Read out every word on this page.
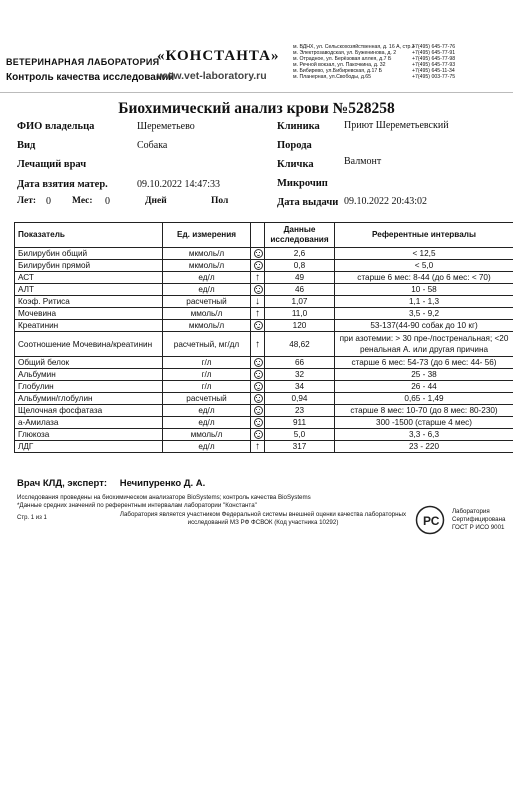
ВЕТЕРИНАРНАЯ ЛАБОРАТОРИЯ
«КОНСТАНТА»
Контроль качества исследований
www.vet-laboratory.ru
м. ВДНХ, ул. Сельскохозяйственная, д. 16 А, стр.3
м. Электрозаводская, ул. Бужениновa, д. 2
м. Отрадное, ул. Берёзовая аллея, д.7 Б
м. Речной вокзал, ул. Пакочкина, д. 32
м. Бибирево, ул.Бибиревская, д.17 Б
м. Планерная, ул.Свободы, д.65
+7(495) 645-77-76
+7(495) 645-77-91
+7(495) 645-77-98
+7(495) 645-77-93
+7(495) 645-11-34
+7(495) 003-77-75
Биохимический анализ крови №528258
ФИО владельца	Шереметьево	Клиника Приют Шереметьевский
Вид	Собака	Порода
Лечащий врач	Кличка	Валмонт
Дата взятия матер.	09.10.2022 14:47:33	Микрочип
Лет: 0 Мес: 0	Дней	Пол	Дата выдачи 09.10.2022 20:43:02
Показатель	Ед. измерения		Данные исследования	Референтные интервалы
Билирубин общий	мкмоль/л		2,6	< 12,5
Билирубин прямой	мкмоль/л		0,8	< 5,0
АСТ	ед/л	↑	49	старше 6 мес: 8-44 (до 6 мес: < 70)
АЛТ	ед/л		46	10 - 58
Коэф. Ритиса	расчетный	↓	1,07	1,1 - 1,3
Мочевина	ммоль/л	↑	11,0	3,5 - 9,2
Креатинин	мкмоль/л		120	53-137(44-90 собак до 10 кг)
Соотношение Мочевина/креатинин	расчетный, мг/дл	↑	48,62	при азотемии: > 30 пре-/постренальная; <20 ренальная А. или другая причина
Общий белок	г/л		66	старше 6 мес: 54-73 (до 6 мес: 44- 56)
Альбумин	г/л		32	25 - 38
Глобулин	г/л		34	26 - 44
Альбумин/глобулин	расчетный		0,94	0,65 - 1,49
Щелочная фосфатаза	ед/л		23	старше 8 мес: 10-70 (до 8 мес: 80-230)
а-Амилаза	ед/л		911	300 -1500 (старше 4 мес)
Глюкоза	ммоль/л		5,0	3,3 - 6,3
ЛДГ	ед/л	↑	317	23 - 220
Врач КЛД, эксперт: Нечипуренко Д. А.
Исследования проведены на биохимическом анализаторе BioSystems; контроль качества BioSystems
*Данные средних значений по референтным интервалам лаборатории "Константа"
Стр. 1 из 1	Лаборатория является участником Федеральной системы внешней оценки качества лабораторных исследований МЗ РФ ФСВОК (Код участника 10292)	РС
Лаборатория
Сертифицирована
ГОСТ Р ИСО 9001
